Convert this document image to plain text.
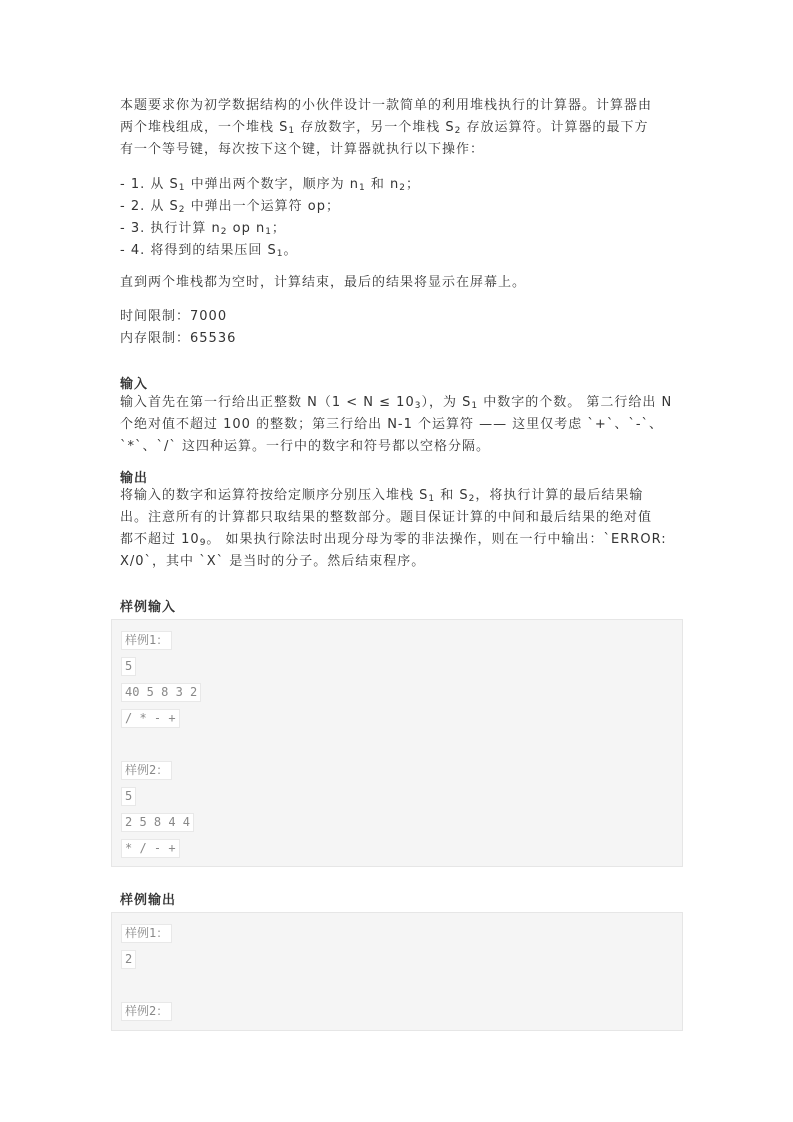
本题要求你为初学数据结构的小伙伴设计一款简单的利用堆栈执行的计算器。计算器由
两个堆栈组成，一个堆栈 $S_1$ 存放数字，另一个堆栈 $S_2$ 存放运算符。计算器的最下方
有一个等号键，每次按下这个键，计算器就执行以下操作：
- 1. 从 $S_1$ 中弹出两个数字，顺序为 $n_1$ 和 $n_2$；
- 2. 从 $S_2$ 中弹出一个运算符 op；
- 3. 执行计算 $n_2$ op $n_1$；
- 4. 将得到的结果压回 $S_1$。
直到两个堆栈都为空时，计算结束，最后的结果将显示在屏幕上。
时间限制：7000
内存限制：65536
输入
输入首先在第一行给出正整数 $N(1 < N \le 10_3)$，为 $S_1$ 中数字的个数。 第二行给出 N
个绝对值不超过 100 的整数；第三行给出 N-1 个运算符 —— 这里仅考虑 `+`、`-`、
`*`、`/` 这四种运算。一行中的数字和符号都以空格分隔。
输出
将输入的数字和运算符按给定顺序分别压入堆栈 $S_1$ 和 $S_2$，将执行计算的最后结果输
出。注意所有的计算都只取结果的整数部分。题目保证计算的中间和最后结果的绝对值
都不超过 $10_9$。 如果执行除法时出现分母为零的非法操作，则在一行中输出：`ERROR:
X/0`，其中 `X` 是当时的分子。然后结束程序。
样例输入
样例1：
5
40 5 8 3 2
/ * - +
样例2：
5
2 5 8 4 4
* / - +
样例输出
样例1：
2
样例2：
